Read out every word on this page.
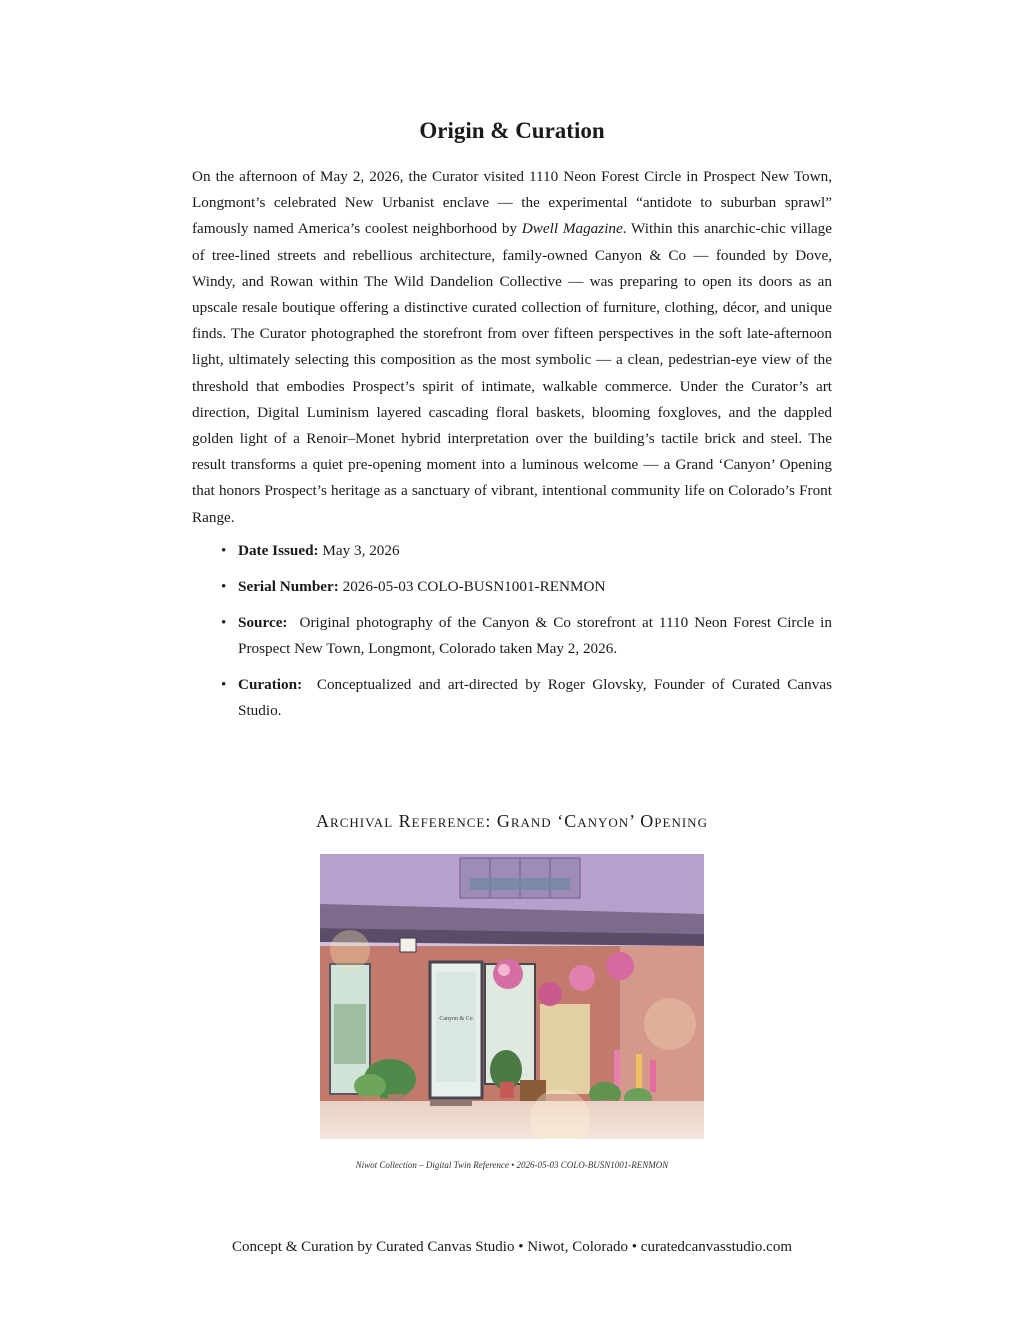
Origin & Curation

On the afternoon of May 2, 2026, the Curator visited 1110 Neon Forest Circle in Prospect New Town, Longmont’s celebrated New Urbanist enclave — the experimental “antidote to suburban sprawl” famously named America’s coolest neighborhood by Dwell Magazine. Within this anarchic-chic village of tree-lined streets and rebellious architecture, family-owned Canyon & Co — founded by Dove, Windy, and Rowan within The Wild Dandelion Collective — was preparing to open its doors as an upscale resale boutique offering a distinctive curated collection of furniture, clothing, décor, and unique finds. The Curator photographed the storefront from over fifteen perspectives in the soft late-afternoon light, ultimately selecting this composition as the most symbolic — a clean, pedestrian-eye view of the threshold that embodies Prospect’s spirit of intimate, walkable commerce. Under the Curator’s art direction, Digital Luminism layered cascading floral baskets, blooming foxgloves, and the dappled golden light of a Renoir–Monet hybrid interpretation over the building’s tactile brick and steel. The result transforms a quiet pre-opening moment into a luminous welcome — a Grand ‘Canyon’ Opening that honors Prospect’s heritage as a sanctuary of vibrant, intentional community life on Colorado’s Front Range.

• Date Issued: May 3, 2026
• Serial Number: 2026-05-03 COLO-BUSN1001-RENMON
• Source: Original photography of the Canyon & Co storefront at 1110 Neon Forest Circle in Prospect New Town, Longmont, Colorado taken May 2, 2026.
• Curation: Conceptualized and art-directed by Roger Glovsky, Founder of Curated Canvas Studio.
Archival Reference: Grand ‘Canyon’ Opening
Canyon & Co
Niwot Collection – Digital Twin Reference • 2026-05-03 COLO-BUSN1001-RENMON
Concept & Curation by Curated Canvas Studio • Niwot, Colorado • curatedcanvasstudio.com
